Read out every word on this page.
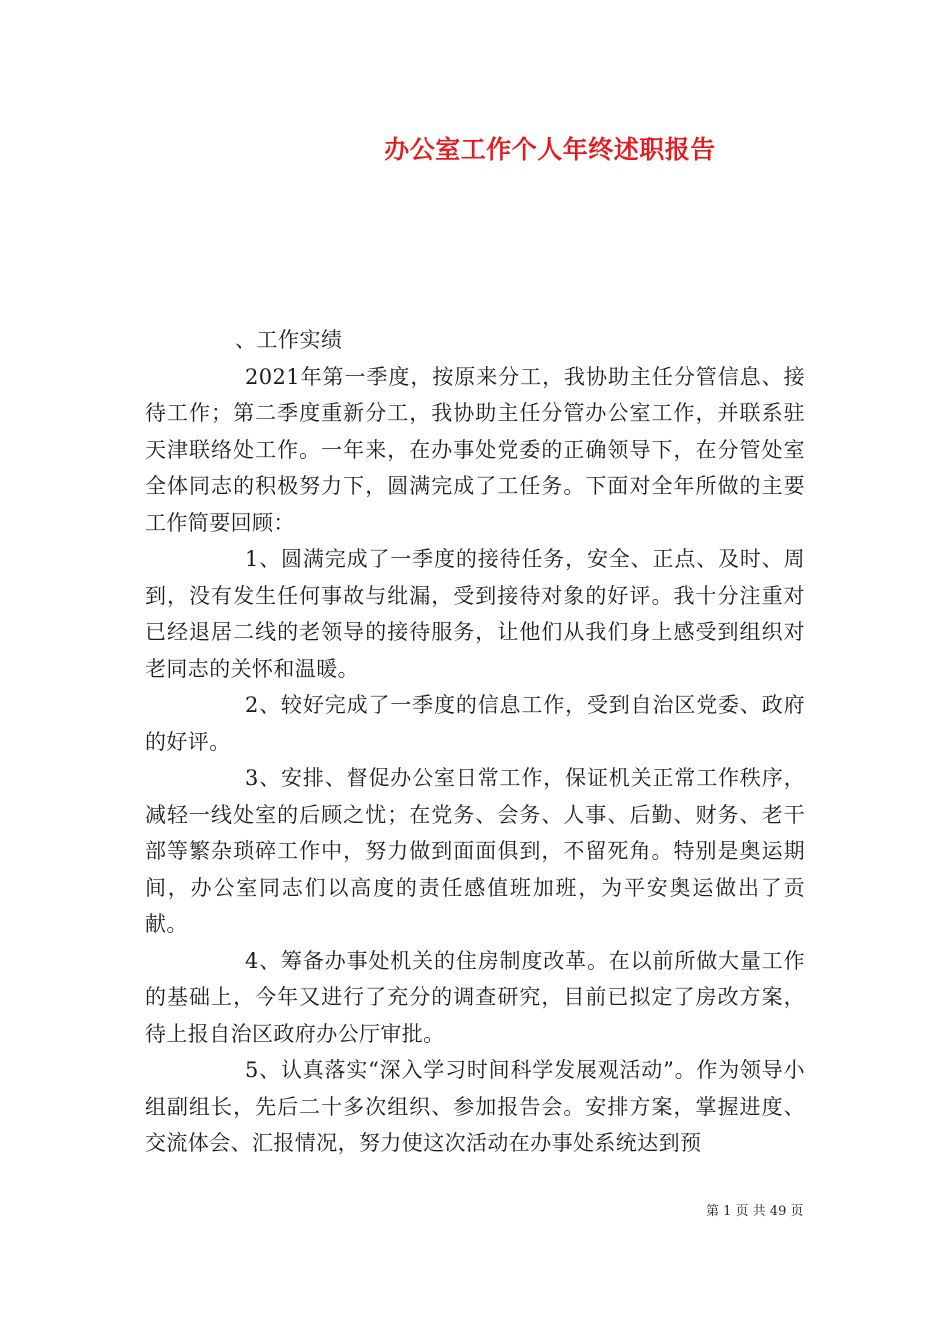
办公室工作个人年终述职报告

、工作实绩

2021年第一季度，按原来分工，我协助主任分管信息、接待工作；第二季度重新分工，我协助主任分管办公室工作，并联系驻天津联络处工作。一年来，在办事处党委的正确领导下，在分管处室全体同志的积极努力下，圆满完成了工任务。下面对全年所做的主要工作简要回顾：

1、圆满完成了一季度的接待任务，安全、正点、及时、周到，没有发生任何事故与纰漏，受到接待对象的好评。我十分注重对已经退居二线的老领导的接待服务，让他们从我们身上感受到组织对老同志的关怀和温暖。

2、较好完成了一季度的信息工作，受到自治区党委、政府的好评。

3、安排、督促办公室日常工作，保证机关正常工作秩序，减轻一线处室的后顾之忧；在党务、会务、人事、后勤、财务、老干部等繁杂琐碎工作中，努力做到面面俱到，不留死角。特别是奥运期间，办公室同志们以高度的责任感值班加班，为平安奥运做出了贡献。

4、筹备办事处机关的住房制度改革。在以前所做大量工作的基础上，今年又进行了充分的调查研究，目前已拟定了房改方案，待上报自治区政府办公厅审批。

5、认真落实“深入学习时间科学发展观活动”。作为领导小组副组长，先后二十多次组织、参加报告会。安排方案，掌握进度、交流体会、汇报情况，努力使这次活动在办事处系统达到预

第 1 页 共 49 页
